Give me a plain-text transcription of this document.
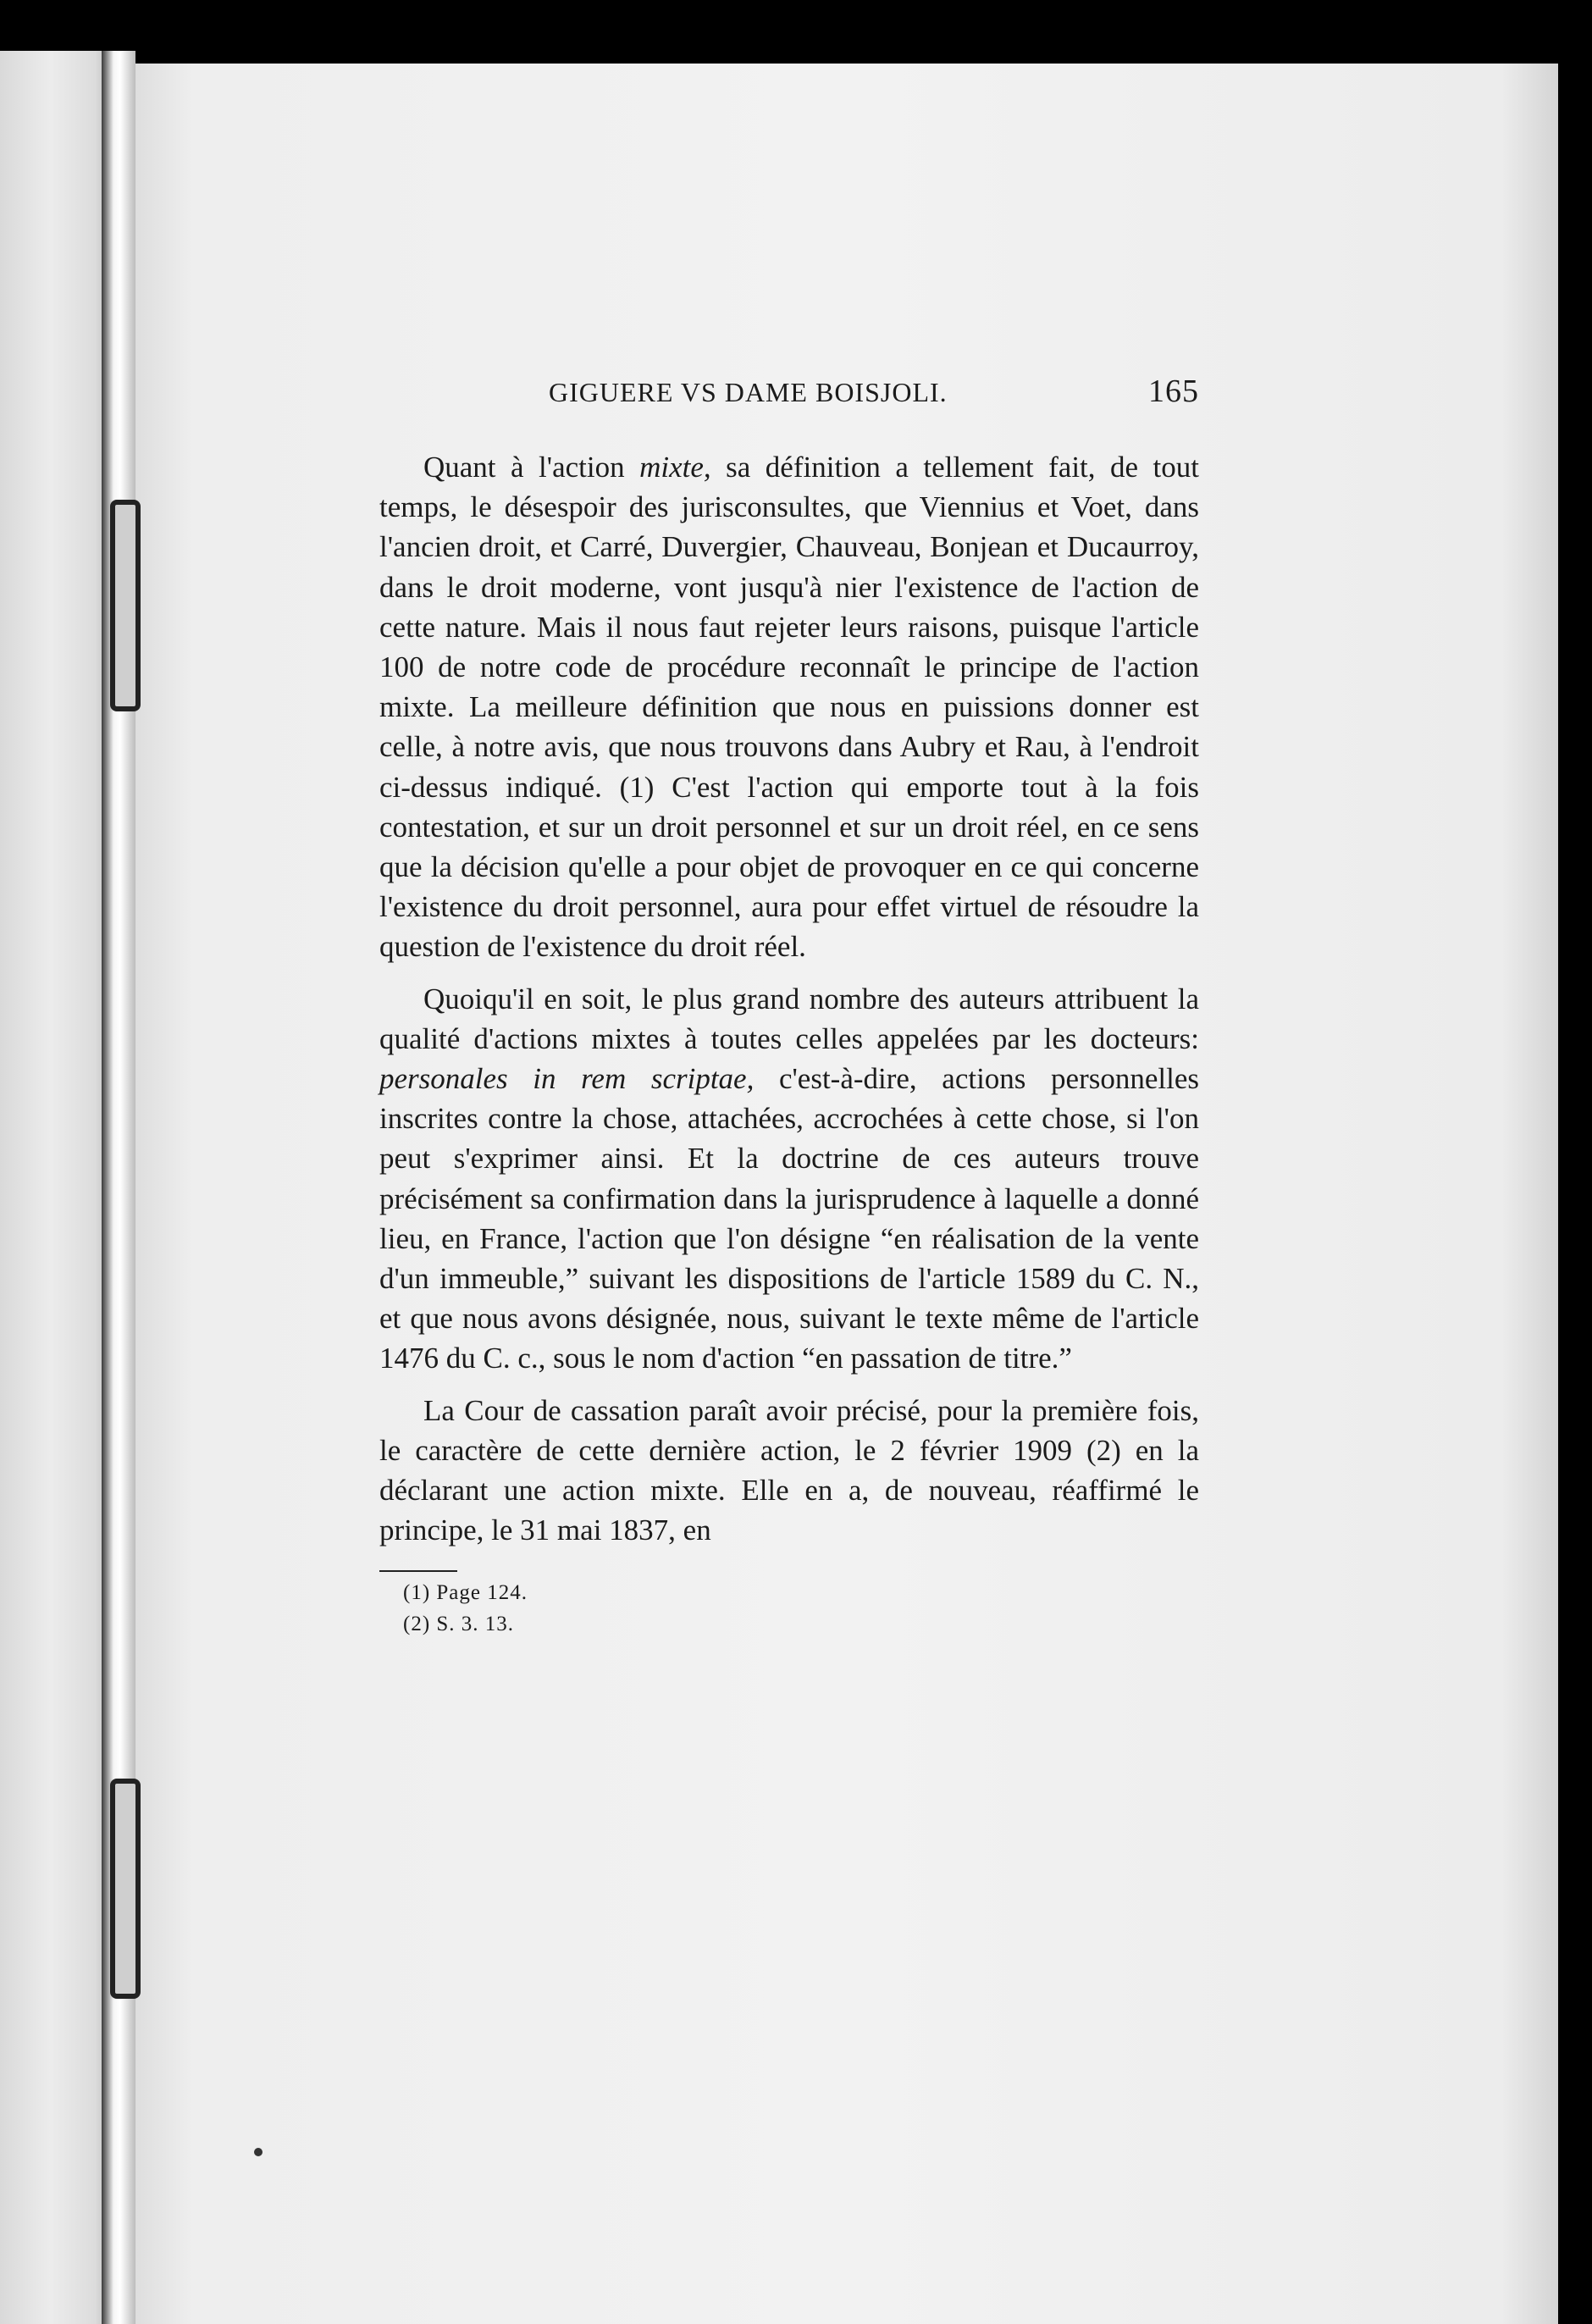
GIGUERE VS DAME BOISJOLI.	165

Quant à l'action mixte, sa définition a tellement fait, de tout temps, le désespoir des jurisconsultes, que Viennius et Voet, dans l'ancien droit, et Carré, Duvergier, Chauveau, Bonjean et Ducaurroy, dans le droit moderne, vont jusqu'à nier l'existence de l'action de cette nature. Mais il nous faut rejeter leurs raisons, puisque l'article 100 de notre code de procédure reconnaît le principe de l'action mixte. La meilleure définition que nous en puissions donner est celle, à notre avis, que nous trouvons dans Aubry et Rau, à l'endroit ci-dessus indiqué. (1) C'est l'action qui emporte tout à la fois contestation, et sur un droit personnel et sur un droit réel, en ce sens que la décision qu'elle a pour objet de provoquer en ce qui concerne l'existence du droit personnel, aura pour effet virtuel de résoudre la question de l'existence du droit réel.

Quoiqu'il en soit, le plus grand nombre des auteurs attribuent la qualité d'actions mixtes à toutes celles appelées par les docteurs: personales in rem scriptae, c'est-à-dire, actions personnelles inscrites contre la chose, attachées, accrochées à cette chose, si l'on peut s'exprimer ainsi. Et la doctrine de ces auteurs trouve précisément sa confirmation dans la jurisprudence à laquelle a donné lieu, en France, l'action que l'on désigne “en réalisation de la vente d'un immeuble,” suivant les dispositions de l'article 1589 du C. N., et que nous avons désignée, nous, suivant le texte même de l'article 1476 du C. c., sous le nom d'action “en passation de titre.”

La Cour de cassation paraît avoir précisé, pour la première fois, le caractère de cette dernière action, le 2 février 1909 (2) en la déclarant une action mixte. Elle en a, de nouveau, réaffirmé le principe, le 31 mai 1837, en

(1) Page 124.
(2) S. 3. 13.
